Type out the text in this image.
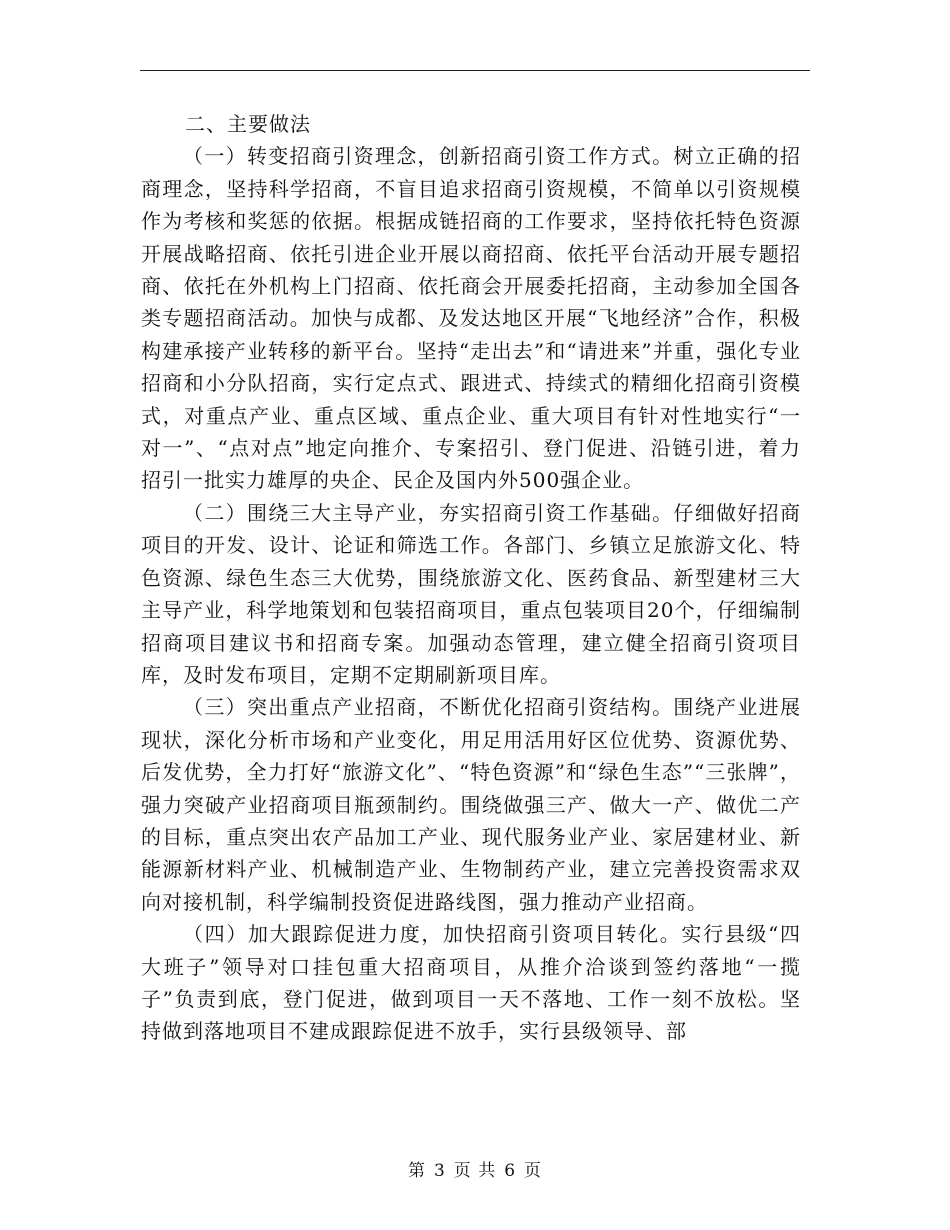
二、主要做法

（一）转变招商引资理念，创新招商引资工作方式。树立正确的招商理念，坚持科学招商，不盲目追求招商引资规模，不简单以引资规模作为考核和奖惩的依据。根据成链招商的工作要求，坚持依托特色资源开展战略招商、依托引进企业开展以商招商、依托平台活动开展专题招商、依托在外机构上门招商、依托商会开展委托招商，主动参加全国各类专题招商活动。加快与成都、及发达地区开展“飞地经济”合作，积极构建承接产业转移的新平台。坚持“走出去”和“请进来”并重，强化专业招商和小分队招商，实行定点式、跟进式、持续式的精细化招商引资模式，对重点产业、重点区域、重点企业、重大项目有针对性地实行“一对一”、“点对点”地定向推介、专案招引、登门促进、沿链引进，着力招引一批实力雄厚的央企、民企及国内外500强企业。

（二）围绕三大主导产业，夯实招商引资工作基础。仔细做好招商项目的开发、设计、论证和筛选工作。各部门、乡镇立足旅游文化、特色资源、绿色生态三大优势，围绕旅游文化、医药食品、新型建材三大主导产业，科学地策划和包装招商项目，重点包装项目20个，仔细编制招商项目建议书和招商专案。加强动态管理，建立健全招商引资项目库，及时发布项目，定期不定期刷新项目库。

（三）突出重点产业招商，不断优化招商引资结构。围绕产业进展现状，深化分析市场和产业变化，用足用活用好区位优势、资源优势、后发优势，全力打好“旅游文化”、“特色资源”和“绿色生态”“三张牌”，强力突破产业招商项目瓶颈制约。围绕做强三产、做大一产、做优二产的目标，重点突出农产品加工产业、现代服务业产业、家居建材业、新能源新材料产业、机械制造产业、生物制药产业，建立完善投资需求双向对接机制，科学编制投资促进路线图，强力推动产业招商。

（四）加大跟踪促进力度，加快招商引资项目转化。实行县级“四大班子”领导对口挂包重大招商项目，从推介洽谈到签约落地“一揽子”负责到底，登门促进，做到项目一天不落地、工作一刻不放松。坚持做到落地项目不建成跟踪促进不放手，实行县级领导、部

第 3 页 共 6 页
